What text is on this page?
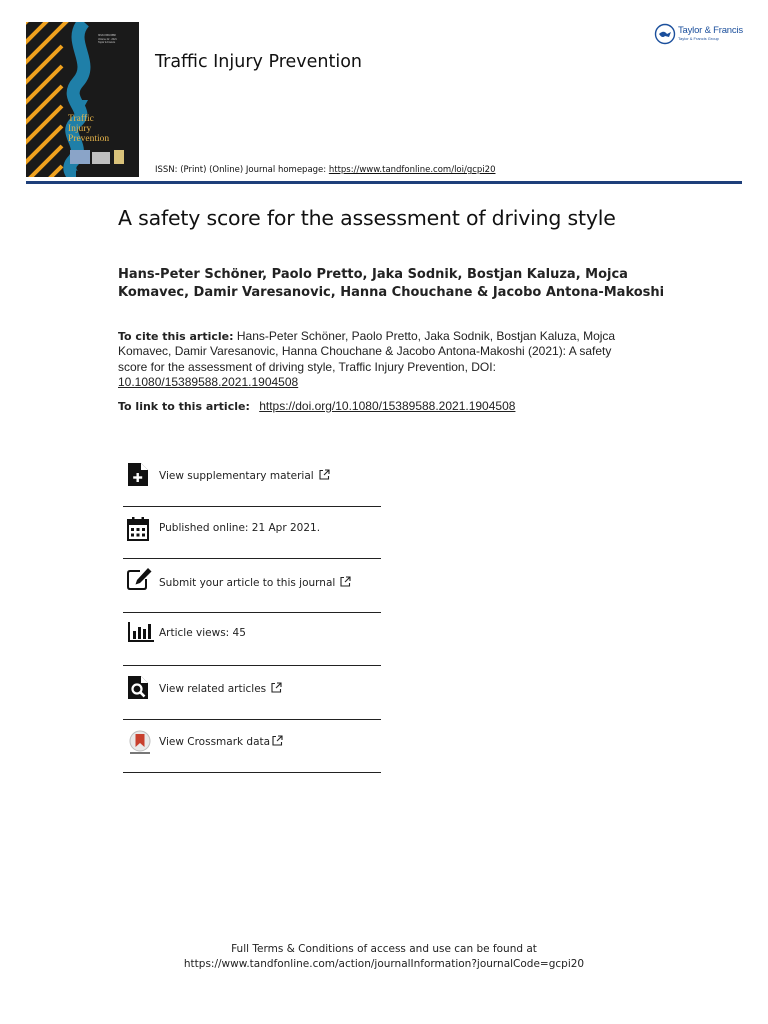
ISSN 1538-9588
Volume 22 · 2021
Taylor & Francis
Traffic
Injury
Prevention
Traffic Injury Prevention
Taylor & Francis
Taylor & Francis Group
ISSN: (Print) (Online) Journal homepage: https://www.tandfonline.com/loi/gcpi20
A safety score for the assessment of driving style
Hans-Peter Schöner, Paolo Pretto, Jaka Sodnik, Bostjan Kaluza, Mojca Komavec, Damir Varesanovic, Hanna Chouchane & Jacobo Antona-Makoshi
To cite this article: Hans-Peter Schöner, Paolo Pretto, Jaka Sodnik, Bostjan Kaluza, Mojca Komavec, Damir Varesanovic, Hanna Chouchane & Jacobo Antona-Makoshi (2021): A safety score for the assessment of driving style, Traffic Injury Prevention, DOI: 10.1080/15389588.2021.1904508
To link to this article: https://doi.org/10.1080/15389588.2021.1904508
View supplementary material
Published online: 21 Apr 2021.
Submit your article to this journal
Article views: 45
View related articles
View Crossmark data
Full Terms & Conditions of access and use can be found at
https://www.tandfonline.com/action/journalInformation?journalCode=gcpi20
